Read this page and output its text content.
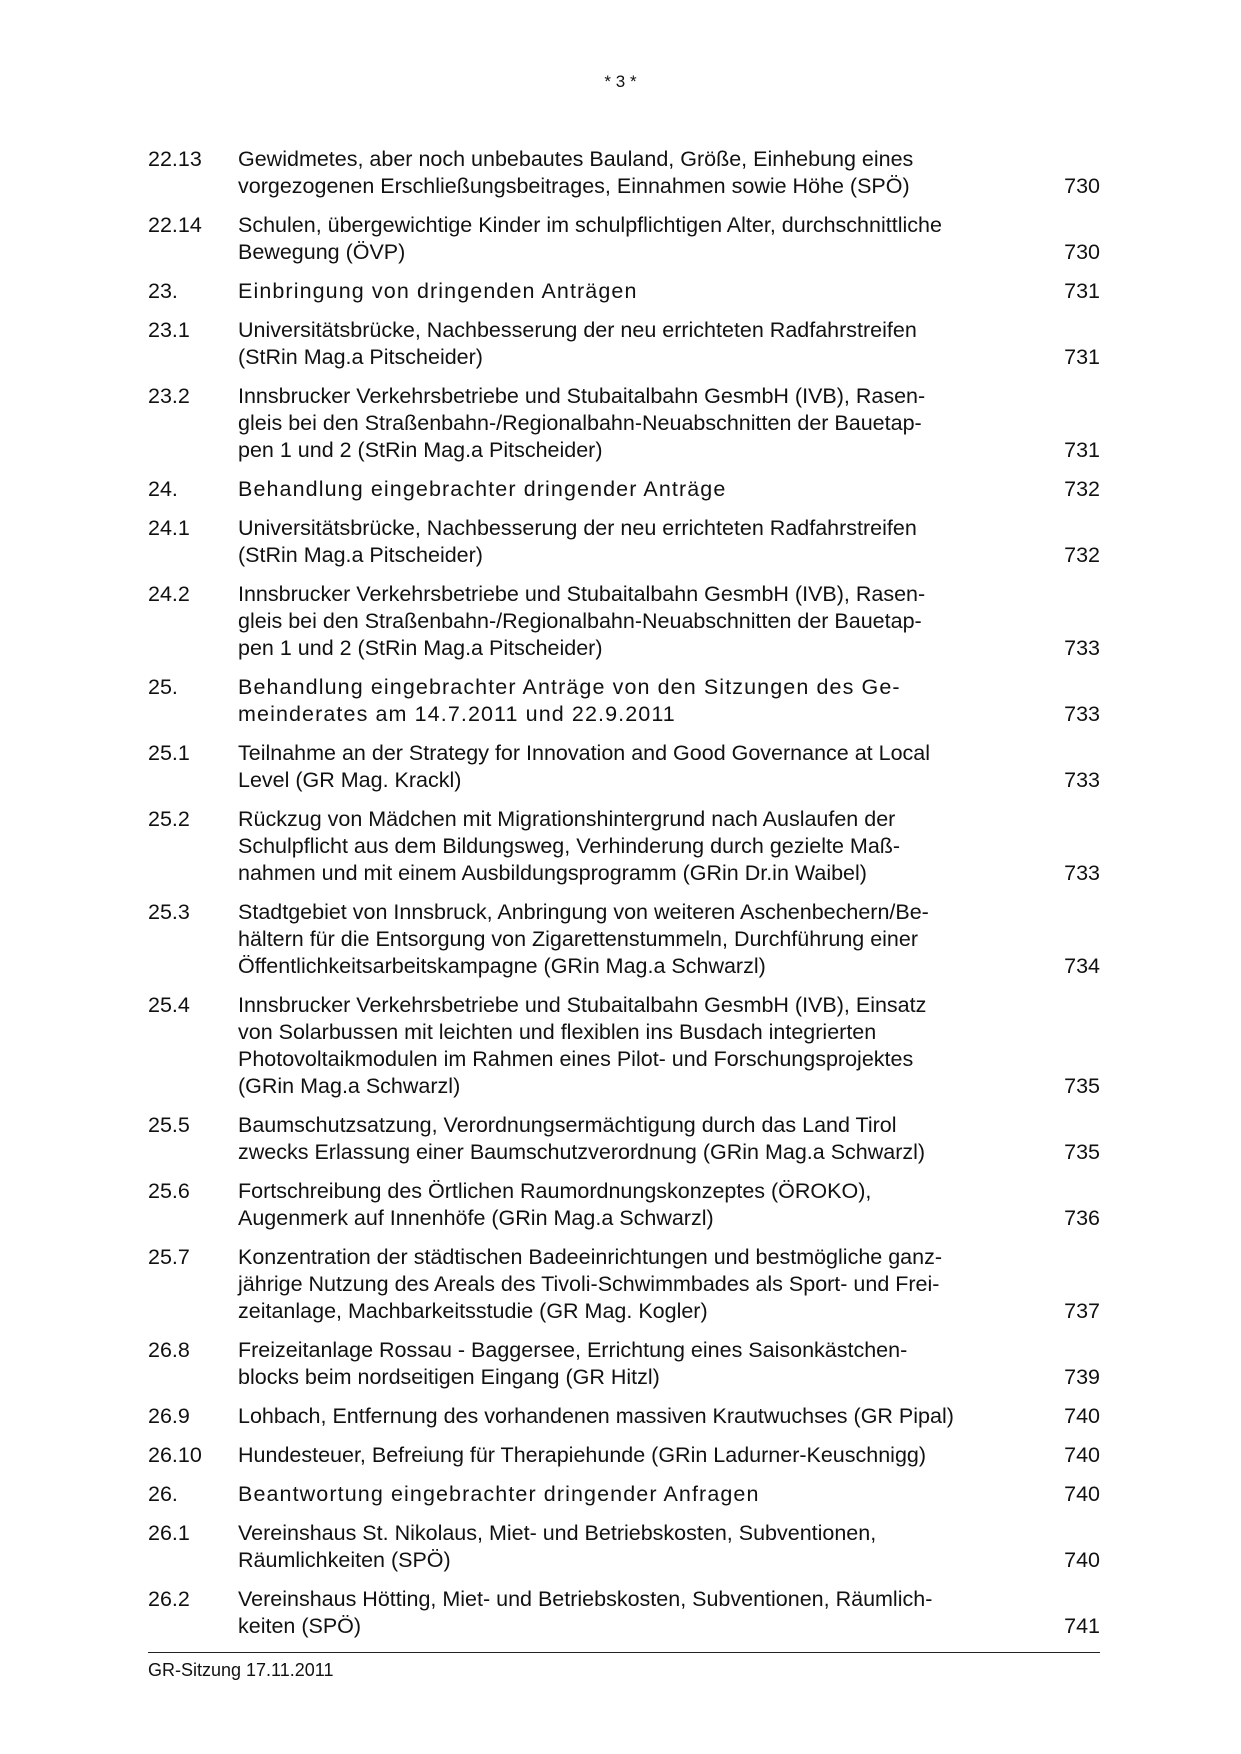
* 3 *
22.13	Gewidmetes, aber noch unbebautes Bauland, Größe, Einhebung eines
vorgezogenen Erschließungsbeitrages, Einnahmen sowie Höhe (SPÖ)	730
22.14	Schulen, übergewichtige Kinder im schulpflichtigen Alter, durchschnittliche
Bewegung (ÖVP)	730
23.	Einbringung von dringenden Anträgen	731
23.1	Universitätsbrücke, Nachbesserung der neu errichteten Radfahrstreifen
(StRin Mag.a Pitscheider)	731
23.2	Innsbrucker Verkehrsbetriebe und Stubaitalbahn GesmbH (IVB), Rasen-
gleis bei den Straßenbahn-/Regionalbahn-Neuabschnitten der Bauetap-
pen 1 und 2 (StRin Mag.a Pitscheider)	731
24.	Behandlung eingebrachter dringender Anträge	732
24.1	Universitätsbrücke, Nachbesserung der neu errichteten Radfahrstreifen
(StRin Mag.a Pitscheider)	732
24.2	Innsbrucker Verkehrsbetriebe und Stubaitalbahn GesmbH (IVB), Rasen-
gleis bei den Straßenbahn-/Regionalbahn-Neuabschnitten der Bauetap-
pen 1 und 2 (StRin Mag.a Pitscheider)	733
25.	Behandlung eingebrachter Anträge von den Sitzungen des Ge-
meinderates am 14.7.2011 und 22.9.2011	733
25.1	Teilnahme an der Strategy for Innovation and Good Governance at Local
Level (GR Mag. Krackl)	733
25.2	Rückzug von Mädchen mit Migrationshintergrund nach Auslaufen der
Schulpflicht aus dem Bildungsweg, Verhinderung durch gezielte Maß-
nahmen und mit einem Ausbildungsprogramm (GRin Dr.in Waibel)	733
25.3	Stadtgebiet von Innsbruck, Anbringung von weiteren Aschenbechern/Be-
hältern für die Entsorgung von Zigarettenstummeln, Durchführung einer
Öffentlichkeitsarbeitskampagne (GRin Mag.a Schwarzl)	734
25.4	Innsbrucker Verkehrsbetriebe und Stubaitalbahn GesmbH (IVB), Einsatz
von Solarbussen mit leichten und flexiblen ins Busdach integrierten
Photovoltaikmodulen im Rahmen eines Pilot- und Forschungsprojektes
(GRin Mag.a Schwarzl)	735
25.5	Baumschutzsatzung, Verordnungsermächtigung durch das Land Tirol
zwecks Erlassung einer Baumschutzverordnung (GRin Mag.a Schwarzl)	735
25.6	Fortschreibung des Örtlichen Raumordnungskonzeptes (ÖROKO),
Augenmerk auf Innenhöfe (GRin Mag.a Schwarzl)	736
25.7	Konzentration der städtischen Badeeinrichtungen und bestmögliche ganz-
jährige Nutzung des Areals des Tivoli-Schwimmbades als Sport- und Frei-
zeitanlage, Machbarkeitsstudie (GR Mag. Kogler)	737
26.8	Freizeitanlage Rossau - Baggersee, Errichtung eines Saisonkästchen-
blocks beim nordseitigen Eingang (GR Hitzl)	739
26.9	Lohbach, Entfernung des vorhandenen massiven Krautwuchses (GR Pipal)	740
26.10	Hundesteuer, Befreiung für Therapiehunde (GRin Ladurner-Keuschnigg)	740
26.	Beantwortung eingebrachter dringender Anfragen	740
26.1	Vereinshaus St. Nikolaus, Miet- und Betriebskosten, Subventionen,
Räumlichkeiten (SPÖ)	740
26.2	Vereinshaus Hötting, Miet- und Betriebskosten, Subventionen, Räumlich-
keiten (SPÖ)	741
GR-Sitzung 17.11.2011
